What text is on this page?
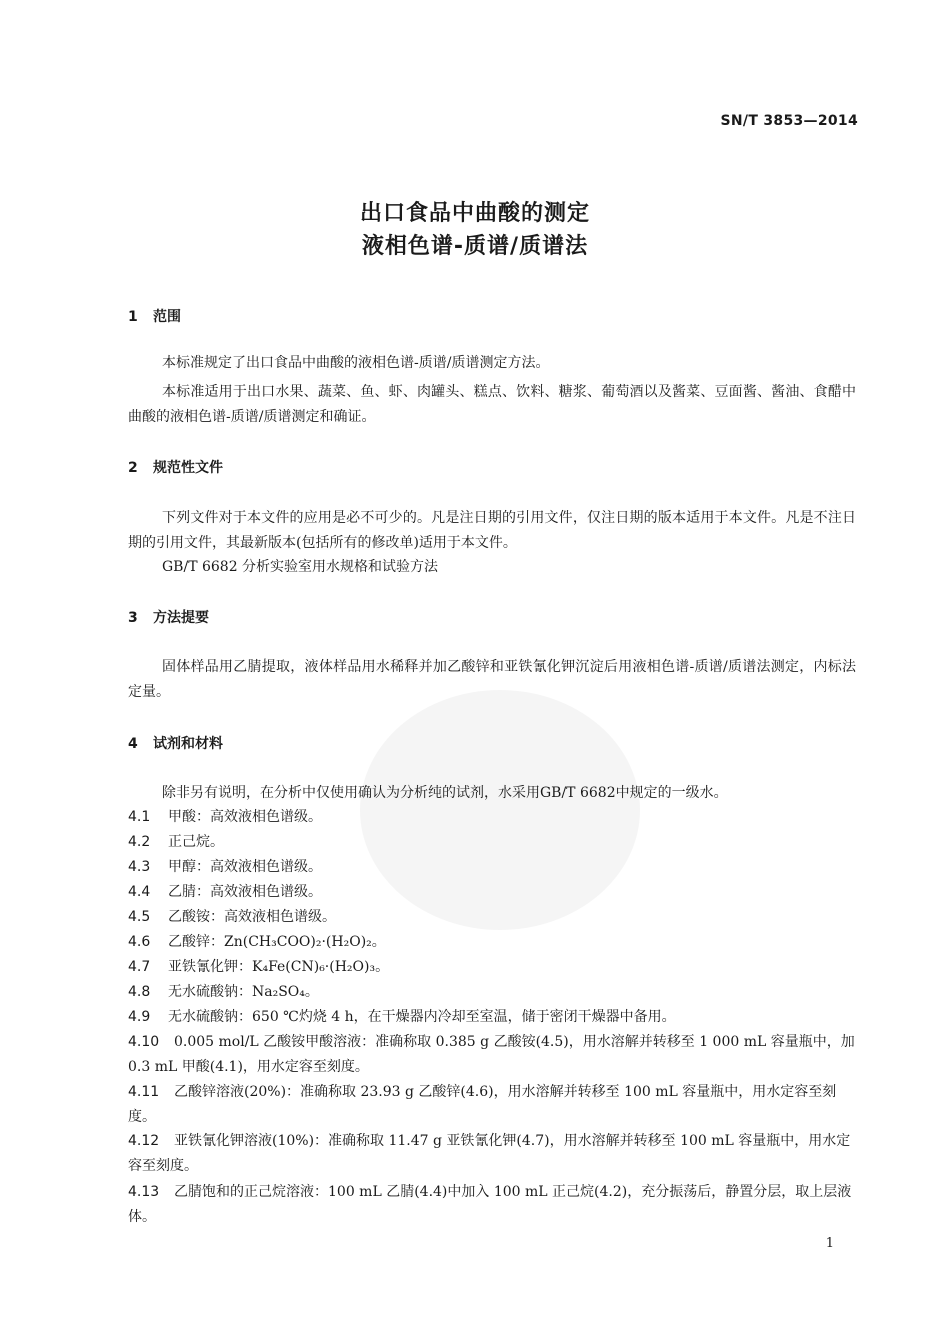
SN/T 3853—2014
出口食品中曲酸的测定
液相色谱-质谱/质谱法
1 范围
本标准规定了出口食品中曲酸的液相色谱-质谱/质谱测定方法。
本标准适用于出口水果、蔬菜、鱼、虾、肉罐头、糕点、饮料、糖浆、葡萄酒以及酱菜、豆面酱、酱油、食醋中曲酸的液相色谱-质谱/质谱测定和确证。
2 规范性文件
下列文件对于本文件的应用是必不可少的。凡是注日期的引用文件，仅注日期的版本适用于本文件。凡是不注日期的引用文件，其最新版本(包括所有的修改单)适用于本文件。
GB/T 6682 分析实验室用水规格和试验方法
3 方法提要
固体样品用乙腈提取，液体样品用水稀释并加乙酸锌和亚铁氰化钾沉淀后用液相色谱-质谱/质谱法测定，内标法定量。
4 试剂和材料
除非另有说明，在分析中仅使用确认为分析纯的试剂，水采用GB/T 6682中规定的一级水。
4.1 甲酸：高效液相色谱级。
4.2 正己烷。
4.3 甲醇：高效液相色谱级。
4.4 乙腈：高效液相色谱级。
4.5 乙酸铵：高效液相色谱级。
4.6 乙酸锌：Zn(CH₃COO)₂·(H₂O)₂。
4.7 亚铁氰化钾：K₄Fe(CN)₆·(H₂O)₃。
4.8 无水硫酸钠：Na₂SO₄。
4.9 无水硫酸钠：650 ℃灼烧 4 h，在干燥器内冷却至室温，储于密闭干燥器中备用。
4.10 0.005 mol/L 乙酸铵甲酸溶液：准确称取 0.385 g 乙酸铵(4.5)，用水溶解并转移至 1 000 mL 容量瓶中，加 0.3 mL 甲酸(4.1)，用水定容至刻度。
4.11 乙酸锌溶液(20%)：准确称取 23.93 g 乙酸锌(4.6)，用水溶解并转移至 100 mL 容量瓶中，用水定容至刻度。
4.12 亚铁氰化钾溶液(10%)：准确称取 11.47 g 亚铁氰化钾(4.7)，用水溶解并转移至 100 mL 容量瓶中，用水定容至刻度。
4.13 乙腈饱和的正己烷溶液：100 mL 乙腈(4.4)中加入 100 mL 正己烷(4.2)，充分振荡后，静置分层，取上层液体。
1
